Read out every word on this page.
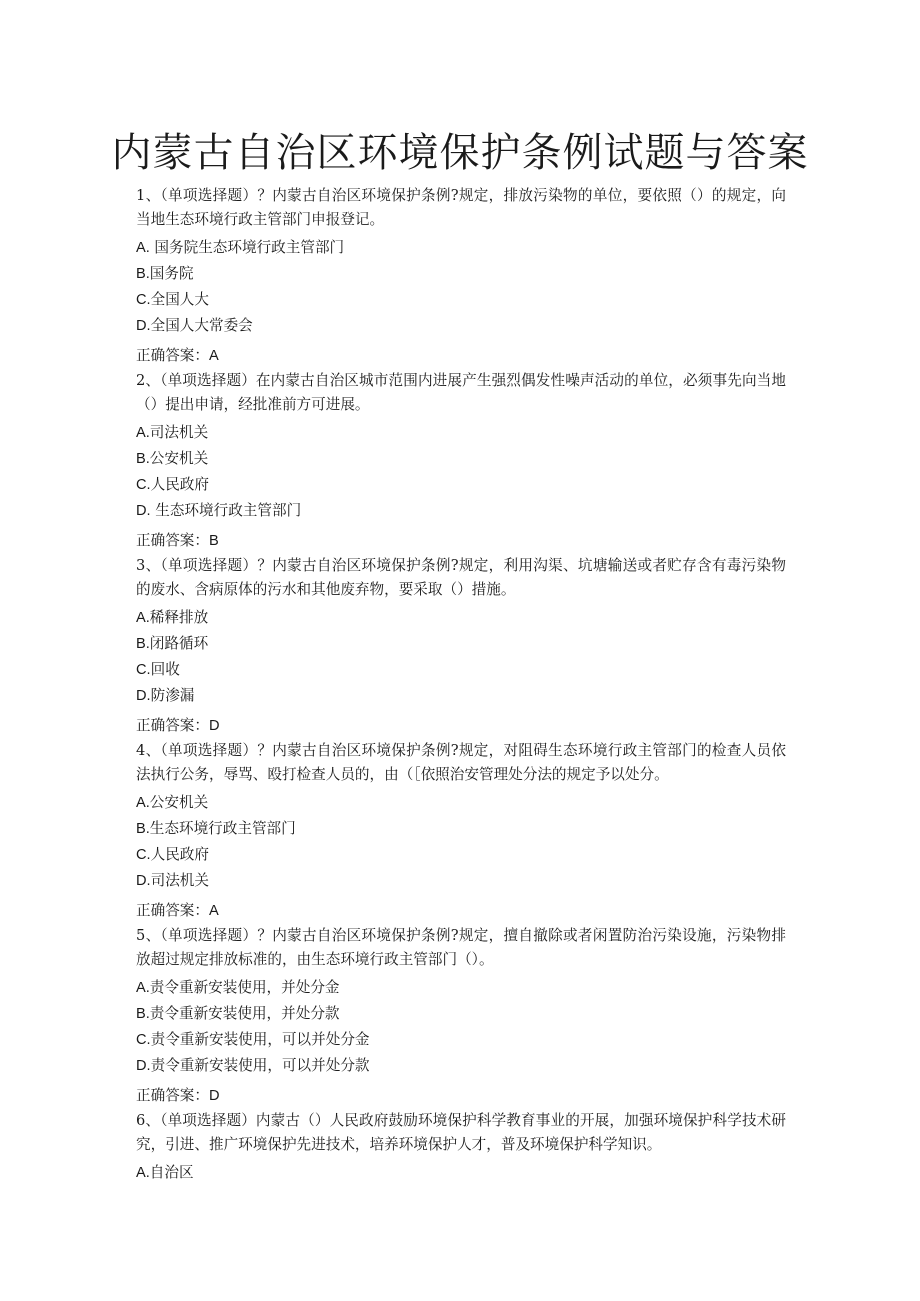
内蒙古自治区环境保护条例试题与答案

1、（单项选择题）？内蒙古自治区环境保护条例?规定，排放污染物的单位，要依照（）的规定，向当地生态环境行政主管部门申报登记。

A. 国务院生态环境行政主管部门

B.国务院

C.全国人大

D.全国人大常委会

正确答案：A

2、（单项选择题）在内蒙古自治区城市范围内进展产生强烈偶发性噪声活动的单位，必须事先向当地（）提出申请，经批准前方可进展。

A.司法机关

B.公安机关

C.人民政府

D. 生态环境行政主管部门

正确答案：B

3、（单项选择题）？内蒙古自治区环境保护条例?规定，利用沟渠、坑塘输送或者贮存含有毒污染物的废水、含病原体的污水和其他废弃物，要采取（）措施。

A.稀释排放

B.闭路循环

C.回收

D.防渗漏

正确答案：D

4、（单项选择题）？内蒙古自治区环境保护条例?规定，对阻碍生态环境行政主管部门的检查人员依法执行公务，辱骂、殴打检查人员的，由（［依照治安管理处分法的规定予以处分。

A.公安机关

B.生态环境行政主管部门

C.人民政府

D.司法机关

正确答案：A

5、（单项选择题）？内蒙古自治区环境保护条例?规定，擅自撤除或者闲置防治污染设施，污染物排放超过规定排放标准的，由生态环境行政主管部门（）。

A.责令重新安装使用，并处分金

B.责令重新安装使用，并处分款

C.责令重新安装使用，可以并处分金

D.责令重新安装使用，可以并处分款

正确答案：D

6、（单项选择题）内蒙古（）人民政府鼓励环境保护科学教育事业的开展，加强环境保护科学技术研究，引进、推广环境保护先进技术，培养环境保护人才，普及环境保护科学知识。

A.自治区
